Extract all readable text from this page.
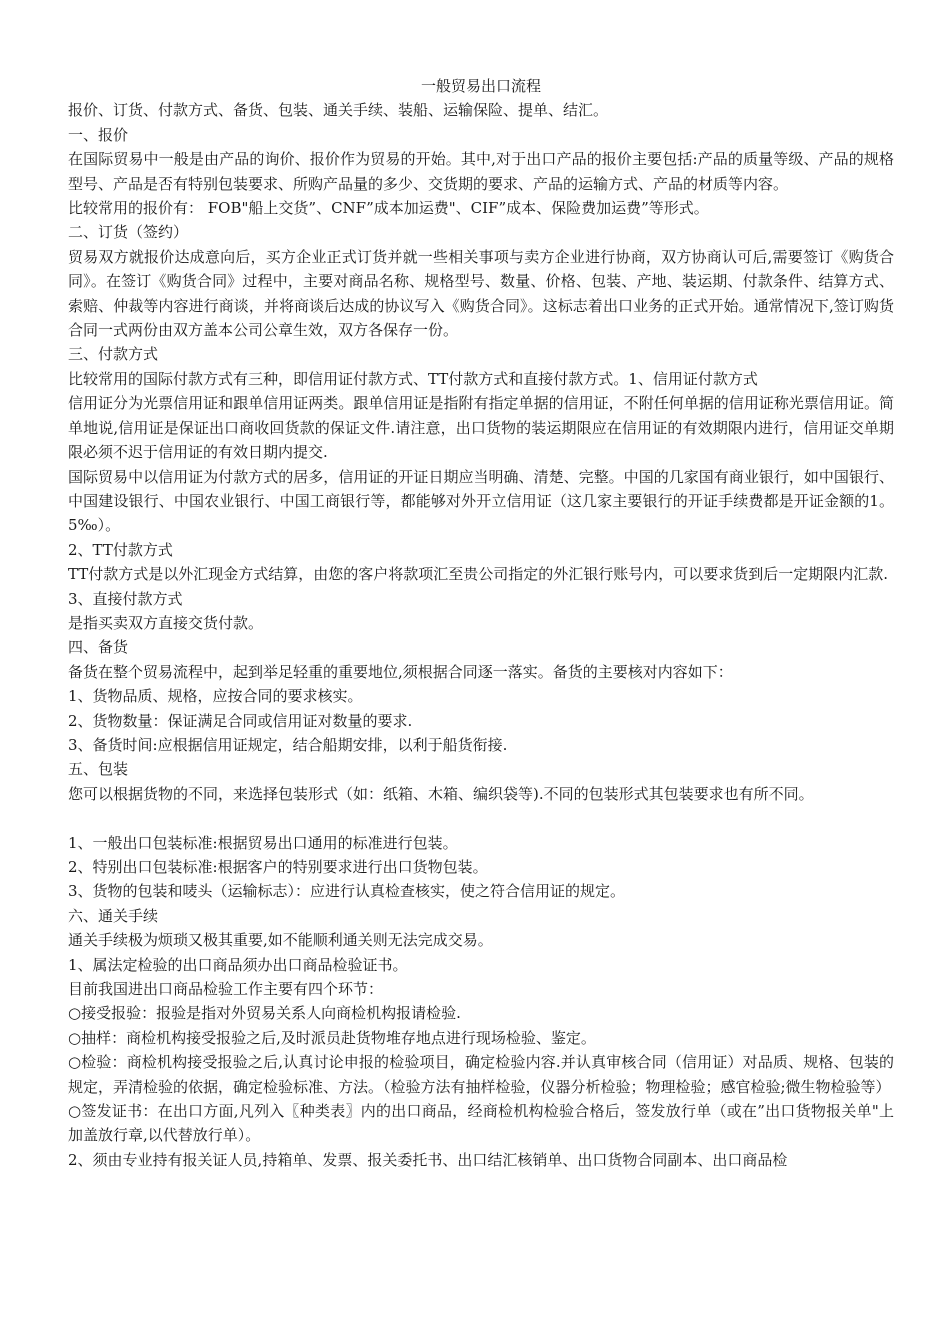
一般贸易出口流程
报价、订货、付款方式、备货、包装、通关手续、装船、运输保险、提单、结汇。
一、报价
在国际贸易中一般是由产品的询价、报价作为贸易的开始。其中,对于出口产品的报价主要包括:产品的质量等级、产品的规格型号、产品是否有特别包装要求、所购产品量的多少、交货期的要求、产品的运输方式、产品的材质等内容。
比较常用的报价有： FOB"船上交货”、CNF”成本加运费"、CIF”成本、保险费加运费”等形式。
二、订货（签约）
贸易双方就报价达成意向后，买方企业正式订货并就一些相关事项与卖方企业进行协商，双方协商认可后,需要签订《购货合同》。在签订《购货合同》过程中，主要对商品名称、规格型号、数量、价格、包装、产地、装运期、付款条件、结算方式、索赔、仲裁等内容进行商谈，并将商谈后达成的协议写入《购货合同》。这标志着出口业务的正式开始。通常情况下,签订购货合同一式两份由双方盖本公司公章生效，双方各保存一份。
三、付款方式
比较常用的国际付款方式有三种，即信用证付款方式、TT付款方式和直接付款方式。1、信用证付款方式
信用证分为光票信用证和跟单信用证两类。跟单信用证是指附有指定单据的信用证，不附任何单据的信用证称光票信用证。简单地说,信用证是保证出口商收回货款的保证文件.请注意，出口货物的装运期限应在信用证的有效期限内进行，信用证交单期限必须不迟于信用证的有效日期内提交.
国际贸易中以信用证为付款方式的居多，信用证的开证日期应当明确、清楚、完整。中国的几家国有商业银行，如中国银行、中国建设银行、中国农业银行、中国工商银行等，都能够对外开立信用证（这几家主要银行的开证手续费都是开证金额的1。5‰）。
2、TT付款方式
TT付款方式是以外汇现金方式结算，由您的客户将款项汇至贵公司指定的外汇银行账号内，可以要求货到后一定期限内汇款.
3、直接付款方式
是指买卖双方直接交货付款。
四、备货
备货在整个贸易流程中，起到举足轻重的重要地位,须根据合同逐一落实。备货的主要核对内容如下：
1、货物品质、规格，应按合同的要求核实。
2、货物数量：保证满足合同或信用证对数量的要求.
3、备货时间:应根据信用证规定，结合船期安排，以利于船货衔接.
五、包装
您可以根据货物的不同，来选择包装形式（如：纸箱、木箱、编织袋等).不同的包装形式其包装要求也有所不同。
1、一般出口包装标准:根据贸易出口通用的标准进行包装。
2、特别出口包装标准:根据客户的特别要求进行出口货物包装。
3、货物的包装和唛头（运输标志）：应进行认真检查核实，使之符合信用证的规定。
六、通关手续
通关手续极为烦琐又极其重要,如不能顺利通关则无法完成交易。
1、属法定检验的出口商品须办出口商品检验证书。
目前我国进出口商品检验工作主要有四个环节：
○接受报验：报验是指对外贸易关系人向商检机构报请检验.
○抽样：商检机构接受报验之后,及时派员赴货物堆存地点进行现场检验、鉴定。
○检验：商检机构接受报验之后,认真讨论申报的检验项目，确定检验内容.并认真审核合同（信用证）对品质、规格、包装的规定，弄清检验的依据，确定检验标准、方法。（检验方法有抽样检验，仪器分析检验；物理检验；感官检验;微生物检验等）
○签发证书：在出口方面,凡列入〖种类表〗内的出口商品，经商检机构检验合格后，签发放行单（或在”出口货物报关单"上加盖放行章,以代替放行单）。
2、须由专业持有报关证人员,持箱单、发票、报关委托书、出口结汇核销单、出口货物合同副本、出口商品检
